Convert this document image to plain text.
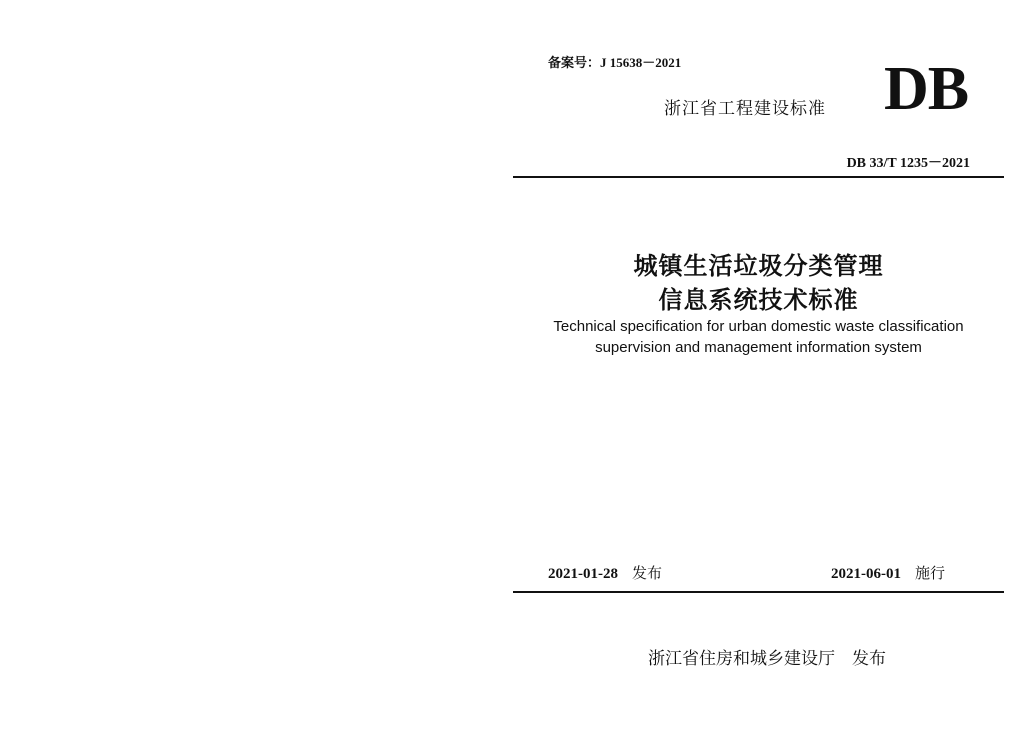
备案号：J 15638－2021
浙江省工程建设标准 DB
DB 33/T 1235－2021
城镇生活垃圾分类管理
信息系统技术标准
Technical specification for urban domestic waste classification
supervision and management information system
2021-01-28 发布	2021-06-01 施行
浙江省住房和城乡建设厅　发布
